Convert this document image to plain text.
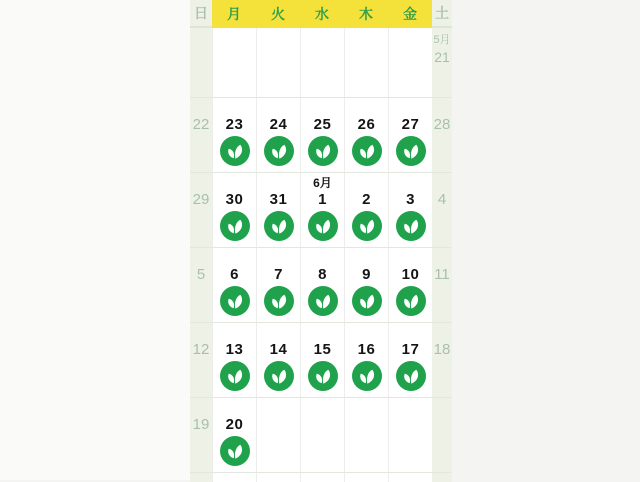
日 月 火 水 木 金 土
5月
21
22 23 24 25 26 27 28
29 30 31
6月
1 2 3 4
5 6 7 8 9 10 11
12 13 14 15 16 17 18
19 20
